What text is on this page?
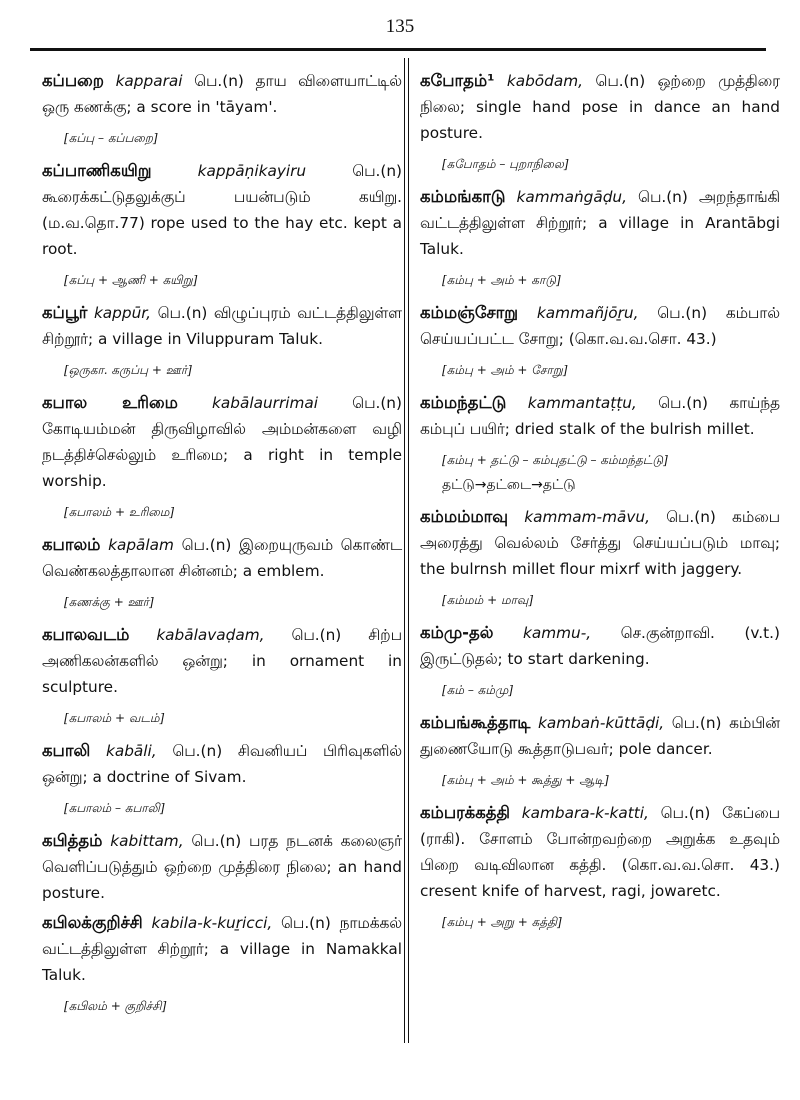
135

கப்பறை kapparai பெ.(n) தாய விளையாட்டில் ஒரு கணக்கு; a score in 'tāyam'.

[கப்பு – கப்பறை]

கப்பாணிகயிறு	kappāṇikayiru பெ.(n) கூரைக்கட்டுதலுக்குப் பயன்படும் கயிறு. (ம.வ.தொ.77) rope used to the hay etc. kept a root.

[கப்பு + ஆணி + கயிறு]

கப்பூர் kappūr, பெ.(n) விழுப்புரம் வட்டத்திலுள்ள சிற்றூர்; a village in Viluppuram Taluk.

[ஒருகா. கருப்பு + ஊர்]

கபால உரிமை kabālaurrimai பெ.(n) கோடியம்மன் திருவிழாவில் அம்மன்களை வழி நடத்திச்செல்லும் உரிமை; a right in temple worship.

[கபாலம் + உரிமை]

கபாலம் kapālam பெ.(n) இறையுருவம் கொண்ட வெண்கலத்தாலான சின்னம்; a emblem.

[கணக்கு + ஊர்]

கபாலவடம் kabālavaḍam, பெ.(n) சிற்ப அணிகலன்களில் ஒன்று; in ornament in sculpture.

[கபாலம் + வடம்]

கபாலி kabāli, பெ.(n) சிவனியப் பிரிவுகளில் ஒன்று; a doctrine of Sivam.

[கபாலம் – கபாலி]

கபித்தம் kabittam, பெ.(n) பரத நடனக் கலைஞர் வெளிப்படுத்தும் ஒற்றை முத்திரை நிலை; an hand posture.

கபிலக்குறிச்சி kabila-k-kuṟicci, பெ.(n) நாமக்கல் வட்டத்திலுள்ள சிற்றூர்; a village in Namakkal Taluk.

[கபிலம் + குறிச்சி]

கபோதம்¹ kabōdam, பெ.(n) ஒற்றை முத்திரை நிலை; single hand pose in dance an hand posture.

[கபோதம் – புறாநிலை]

கம்மங்காடு kammaṅgāḍu, பெ.(n) அறந்தாங்கி வட்டத்திலுள்ள சிற்றூர்; a village in Arantābgi Taluk.

[கம்பு + அம் + காடு]

கம்மஞ்சோறு kammañjōṟu, பெ.(n) கம்பால் செய்யப்பட்ட சோறு; (கொ.வ.வ.சொ. 43.)

[கம்பு + அம் + சோறு]

கம்மந்தட்டு kammantaṭṭu, பெ.(n) காய்ந்த கம்புப் பயிர்; dried stalk of the bulrish millet.

[கம்பு + தட்டு – கம்புதட்டு – கம்மந்தட்டு]
தட்டு→தட்டை→தட்டு

கம்மம்மாவு kammam-māvu, பெ.(n) கம்பை அரைத்து வெல்லம் சேர்த்து செய்யப்படும் மாவு; the bulrnsh millet flour mixrf with jaggery.

[கம்மம் + மாவு]

கம்மு-தல் kammu-, செ.குன்றாவி. (v.t.) இருட்டுதல்; to start darkening.

[கம் – கம்மு]

கம்பங்கூத்தாடி kambaṅ-kūttāḍi, பெ.(n) கம்பின் துணையோடு கூத்தாடுபவர்; pole dancer.

[கம்பு + அம் + கூத்து + ஆடி]

கம்பரக்கத்தி kambara-k-katti, பெ.(n) கேப்பை (ராகி). சோளம் போன்றவற்றை அறுக்க உதவும் பிறை வடிவிலான கத்தி. (கொ.வ.வ.சொ. 43.) cresent knife of harvest, ragi, jowaretc.

[கம்பு + அறு + கத்தி]
